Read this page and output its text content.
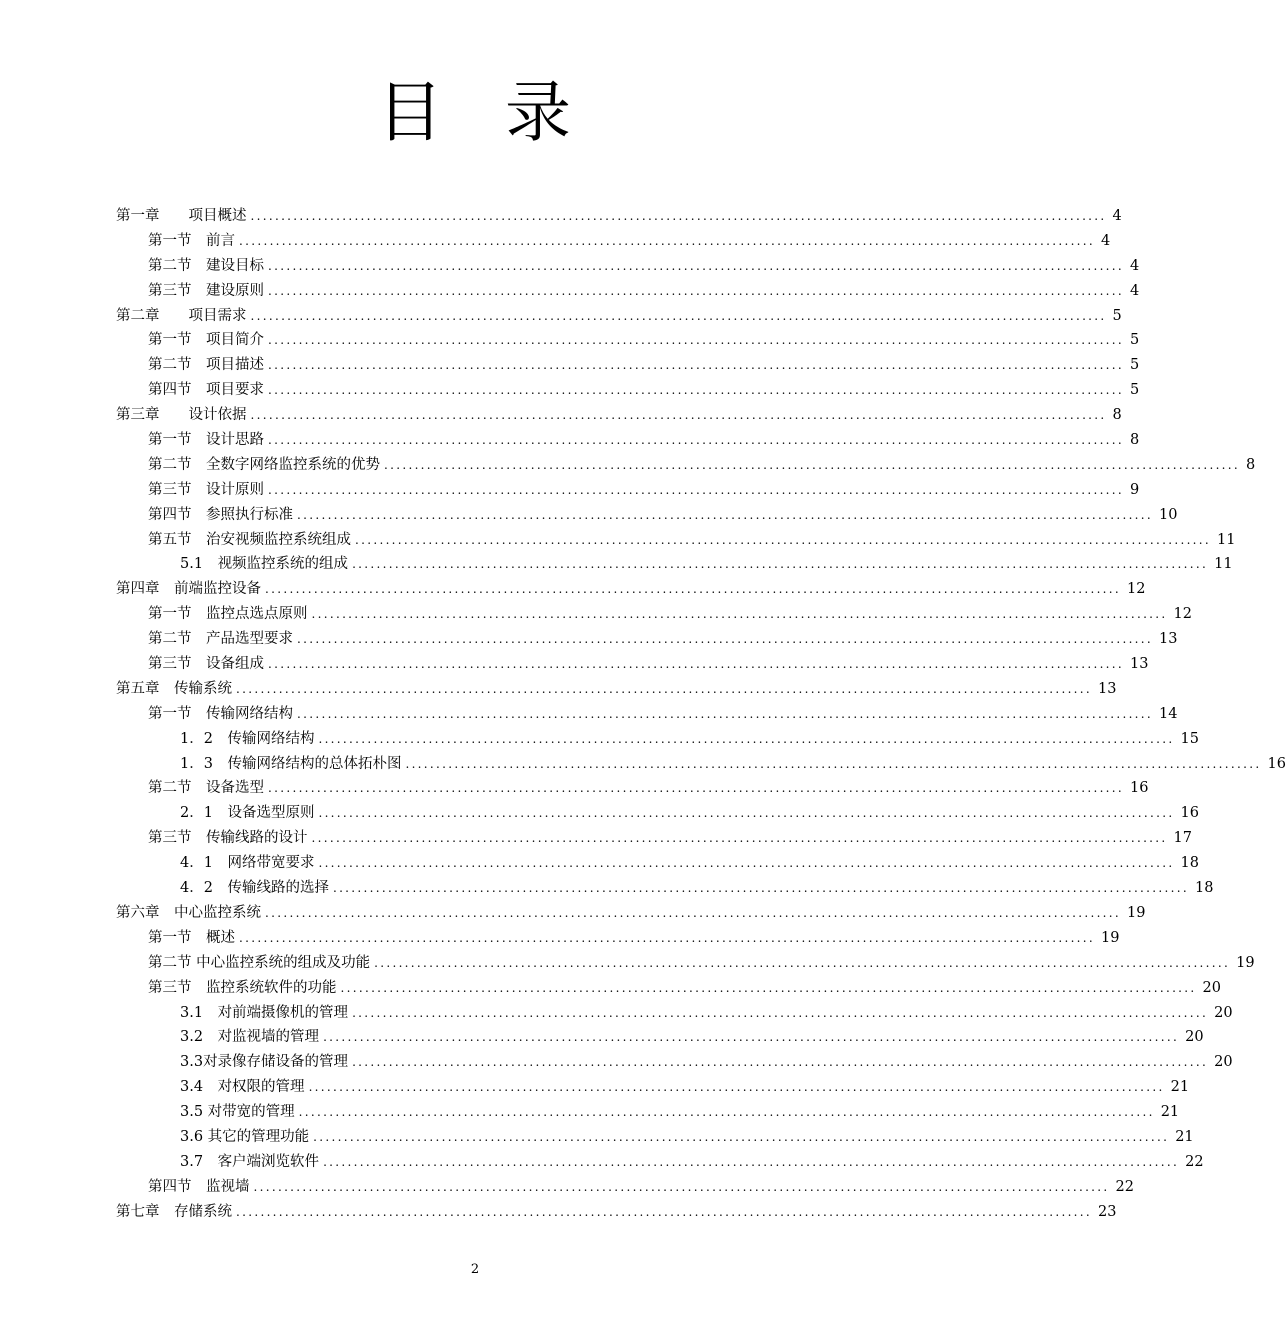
目 录
第一章
　　 项目概述 ............................................................................................................................................ 4
第一节
　 前言 ............................................................................................................................................ 4
第二节
　 建设目标 ............................................................................................................................................ 4
第三节
　 建设原则 ............................................................................................................................................ 4
第二章
　　 项目需求 ............................................................................................................................................ 5
第一节
　 项目简介 ............................................................................................................................................ 5
第二节
　 项目描述 ............................................................................................................................................ 5
第四节
　 项目要求 ............................................................................................................................................ 5
第三章
　　 设计依据 ............................................................................................................................................ 8
第一节
　 设计思路 ............................................................................................................................................ 8
第二节
　 全数字网络监控系统的优势 ............................................................................................................................................ 8
第三节
　 设计原则 ............................................................................................................................................ 9
第四节
　 参照执行标准 ............................................................................................................................................ 10
第五节
　 治安视频监控系统组成 ............................................................................................................................................ 11
5.1
　 视频监控系统的组成 ............................................................................................................................................ 11
第四章
　 前端监控设备 ............................................................................................................................................ 12
第一节
　 监控点选点原则 ............................................................................................................................................ 12
第二节
　 产品选型要求 ............................................................................................................................................ 13
第三节
　 设备组成 ............................................................................................................................................ 13
第五章
　 传输系统 ............................................................................................................................................ 13
第一节
　 传输网络结构 ............................................................................................................................................ 14
1．2
　 传输网络结构 ............................................................................................................................................ 15
1．3
　 传输网络结构的总体拓朴图 ............................................................................................................................................ 16
第二节
　 设备选型 ............................................................................................................................................ 16
2．1
　 设备选型原则 ............................................................................................................................................ 16
第三节
　 传输线路的设计 ............................................................................................................................................ 17
4．1
　 网络带宽要求 ............................................................................................................................................ 18
4．2
　 传输线路的选择 ............................................................................................................................................ 18
第六章
　 中心监控系统 ............................................................................................................................................ 19
第一节
　 概述 ............................................................................................................................................ 19
第二节
中心监控系统的组成及功能 ............................................................................................................................................ 19
第三节
　 监控系统软件的功能 ............................................................................................................................................ 20
3.1
　 对前端摄像机的管理 ............................................................................................................................................ 20
3.2
　 对监视墙的管理 ............................................................................................................................................ 20
3.3 对录像存储设备的管理 ............................................................................................................................................ 20
3.4
　 对权限的管理 ............................................................................................................................................ 21
3.5
对带宽的管理 ............................................................................................................................................ 21
3.6
其它的管理功能 ............................................................................................................................................ 21
3.7
　 客户端浏览软件 ............................................................................................................................................ 22
第四节
　 监视墙 ............................................................................................................................................ 22
第七章
　 存储系统 ............................................................................................................................................ 23

2
